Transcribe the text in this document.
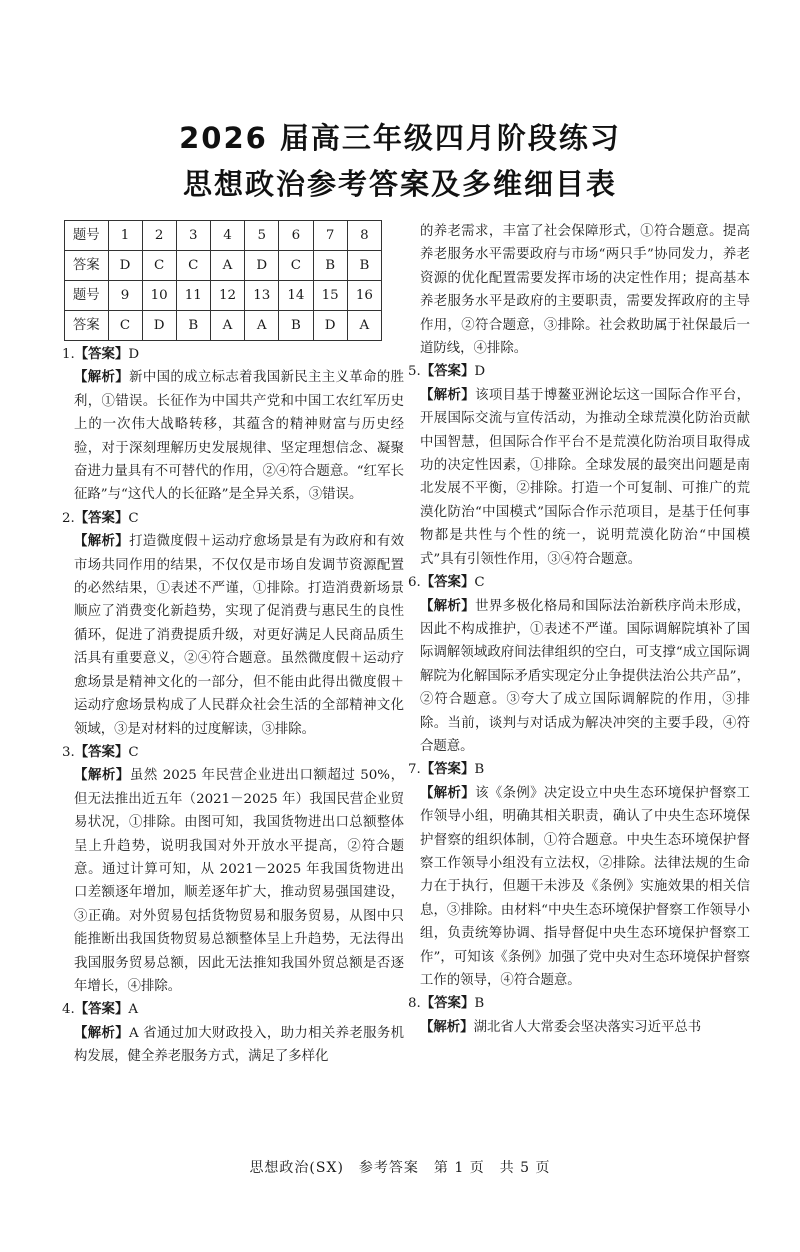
2026 届高三年级四月阶段练习
思想政治参考答案及多维细目表
题号	1	2	3	4	5	6	7	8
答案	D	C	C	A	D	C	B	B
题号	9	10	11	12	13	14	15	16
答案	C	D	B	A	A	B	D	A

1.【答案】D

【解析】新中国的成立标志着我国新民主主义革命的胜利，①错误。长征作为中国共产党和中国工农红军历史上的一次伟大战略转移，其蕴含的精神财富与历史经验，对于深刻理解历史发展规律、坚定理想信念、凝聚奋进力量具有不可替代的作用，②④符合题意。“红军长征路”与“这代人的长征路”是全异关系，③错误。

2.【答案】C

【解析】打造微度假＋运动疗愈场景是有为政府和有效市场共同作用的结果，不仅仅是市场自发调节资源配置的必然结果，①表述不严谨，①排除。打造消费新场景顺应了消费变化新趋势，实现了促消费与惠民生的良性循环，促进了消费提质升级，对更好满足人民商品质生活具有重要意义，②④符合题意。虽然微度假＋运动疗愈场景是精神文化的一部分，但不能由此得出微度假＋运动疗愈场景构成了人民群众社会生活的全部精神文化领域，③是对材料的过度解读，③排除。

3.【答案】C

【解析】虽然 2025 年民营企业进出口额超过 50%，但无法推出近五年（2021－2025 年）我国民营企业贸易状况，①排除。由图可知，我国货物进出口总额整体呈上升趋势，说明我国对外开放水平提高，②符合题意。通过计算可知，从 2021－2025 年我国货物进出口差额逐年增加，顺差逐年扩大，推动贸易强国建设，③正确。对外贸易包括货物贸易和服务贸易，从图中只能推断出我国货物贸易总额整体呈上升趋势，无法得出我国服务贸易总额，因此无法推知我国外贸总额是否逐年增长，④排除。

4.【答案】A

【解析】A 省通过加大财政投入，助力相关养老服务机构发展，健全养老服务方式，满足了多样化

的养老需求，丰富了社会保障形式，①符合题意。提高养老服务水平需要政府与市场“两只手”协同发力，养老资源的优化配置需要发挥市场的决定性作用；提高基本养老服务水平是政府的主要职责，需要发挥政府的主导作用，②符合题意，③排除。社会救助属于社保最后一道防线，④排除。

5.【答案】D

【解析】该项目基于博鳌亚洲论坛这一国际合作平台，开展国际交流与宣传活动，为推动全球荒漠化防治贡献中国智慧，但国际合作平台不是荒漠化防治项目取得成功的决定性因素，①排除。全球发展的最突出问题是南北发展不平衡，②排除。打造一个可复制、可推广的荒漠化防治“中国模式”国际合作示范项目，是基于任何事物都是共性与个性的统一，说明荒漠化防治“中国模式”具有引领性作用，③④符合题意。

6.【答案】C

【解析】世界多极化格局和国际法治新秩序尚未形成，因此不构成推护，①表述不严谨。国际调解院填补了国际调解领域政府间法律组织的空白，可支撑“成立国际调解院为化解国际矛盾实现定分止争提供法治公共产品”，②符合题意。③夸大了成立国际调解院的作用，③排除。当前，谈判与对话成为解决冲突的主要手段，④符合题意。

7.【答案】B

【解析】该《条例》决定设立中央生态环境保护督察工作领导小组，明确其相关职责，确认了中央生态环境保护督察的组织体制，①符合题意。中央生态环境保护督察工作领导小组没有立法权，②排除。法律法规的生命力在于执行，但题干未涉及《条例》实施效果的相关信息，③排除。由材料“中央生态环境保护督察工作领导小组，负责统筹协调、指导督促中央生态环境保护督察工作”，可知该《条例》加强了党中央对生态环境保护督察工作的领导，④符合题意。

8.【答案】B

【解析】湖北省人大常委会坚决落实习近平总书

思想政治(SX)　参考答案　第 1 页　共 5 页
